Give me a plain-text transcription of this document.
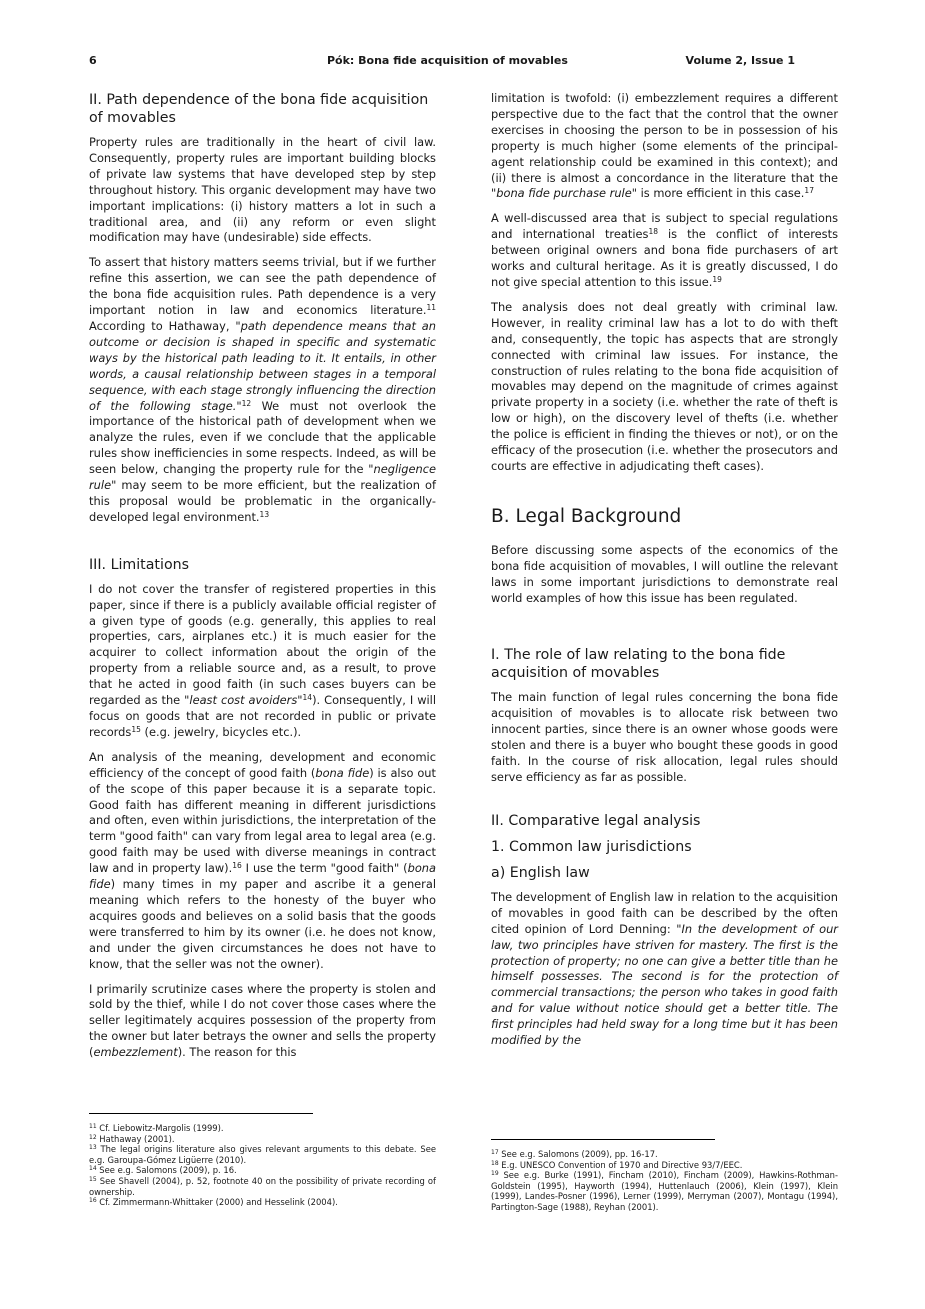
6	Pók: Bona fide acquisition of movables	Volume 2, Issue 1
II. Path dependence of the bona fide acquisition of movables

Property rules are traditionally in the heart of civil law. Consequently, property rules are important building blocks of private law systems that have developed step by step throughout history. This organic development may have two important implications: (i) history matters a lot in such a traditional area, and (ii) any reform or even slight modification may have (undesirable) side effects.

To assert that history matters seems trivial, but if we further refine this assertion, we can see the path dependence of the bona fide acquisition rules. Path dependence is a very important notion in law and economics literature.$^{11}$ According to Hathaway, "path dependence means that an outcome or decision is shaped in specific and systematic ways by the historical path leading to it. It entails, in other words, a causal relationship between stages in a temporal sequence, with each stage strongly influencing the direction of the following stage."$^{12}$ We must not overlook the importance of the historical path of development when we analyze the rules, even if we conclude that the applicable rules show inefficiencies in some respects. Indeed, as will be seen below, changing the property rule for the "negligence rule" may seem to be more efficient, but the realization of this proposal would be problematic in the organically-developed legal environment.$^{13}$

III. Limitations

I do not cover the transfer of registered properties in this paper, since if there is a publicly available official register of a given type of goods (e.g. generally, this applies to real properties, cars, airplanes etc.) it is much easier for the acquirer to collect information about the origin of the property from a reliable source and, as a result, to prove that he acted in good faith (in such cases buyers can be regarded as the "least cost avoiders"$^{14}$). Consequently, I will focus on goods that are not recorded in public or private records$^{15}$ (e.g. jewelry, bicycles etc.).

An analysis of the meaning, development and economic efficiency of the concept of good faith (bona fide) is also out of the scope of this paper because it is a separate topic. Good faith has different meaning in different jurisdictions and often, even within jurisdictions, the interpretation of the term "good faith" can vary from legal area to legal area (e.g. good faith may be used with diverse meanings in contract law and in property law).$^{16}$ I use the term "good faith" (bona fide) many times in my paper and ascribe it a general meaning which refers to the honesty of the buyer who acquires goods and believes on a solid basis that the goods were transferred to him by its owner (i.e. he does not know, and under the given circumstances he does not have to know, that the seller was not the owner).

I primarily scrutinize cases where the property is stolen and sold by the thief, while I do not cover those cases where the seller legitimately acquires possession of the property from the owner but later betrays the owner and sells the property (embezzlement). The reason for this

limitation is twofold: (i) embezzlement requires a different perspective due to the fact that the control that the owner exercises in choosing the person to be in possession of his property is much higher (some elements of the principal-agent relationship could be examined in this context); and (ii) there is almost a concordance in the literature that the "bona fide purchase rule" is more efficient in this case.$^{17}$

A well-discussed area that is subject to special regulations and international treaties$^{18}$ is the conflict of interests between original owners and bona fide purchasers of art works and cultural heritage. As it is greatly discussed, I do not give special attention to this issue.$^{19}$

The analysis does not deal greatly with criminal law. However, in reality criminal law has a lot to do with theft and, consequently, the topic has aspects that are strongly connected with criminal law issues. For instance, the construction of rules relating to the bona fide acquisition of movables may depend on the magnitude of crimes against private property in a society (i.e. whether the rate of theft is low or high), on the discovery level of thefts (i.e. whether the police is efficient in finding the thieves or not), or on the efficacy of the prosecution (i.e. whether the prosecutors and courts are effective in adjudicating theft cases).

B. Legal Background

Before discussing some aspects of the economics of the bona fide acquisition of movables, I will outline the relevant laws in some important jurisdictions to demonstrate real world examples of how this issue has been regulated.

I. The role of law relating to the bona fide acquisition of movables

The main function of legal rules concerning the bona fide acquisition of movables is to allocate risk between two innocent parties, since there is an owner whose goods were stolen and there is a buyer who bought these goods in good faith. In the course of risk allocation, legal rules should serve efficiency as far as possible.

II. Comparative legal analysis
1. Common law jurisdictions
a) English law

The development of English law in relation to the acquisition of movables in good faith can be described by the often cited opinion of Lord Denning: "In the development of our law, two principles have striven for mastery. The first is the protection of property; no one can give a better title than he himself possesses. The second is for the protection of commercial transactions; the person who takes in good faith and for value without notice should get a better title. The first principles had held sway for a long time but it has been modified by the

$^{11}$ Cf. Liebowitz-Margolis (1999).
$^{12}$ Hathaway (2001).
$^{13}$ The legal origins literature also gives relevant arguments to this debate. See e.g. Garoupa-Gómez Ligüerre (2010).
$^{14}$ See e.g. Salomons (2009), p. 16.
$^{15}$ See Shavell (2004), p. 52, footnote 40 on the possibility of private recording of ownership.
$^{16}$ Cf. Zimmermann-Whittaker (2000) and Hesselink (2004).
$^{17}$ See e.g. Salomons (2009), pp. 16-17.
$^{18}$ E.g. UNESCO Convention of 1970 and Directive 93/7/EEC.
$^{19}$ See e.g. Burke (1991), Fincham (2010), Fincham (2009), Hawkins-Rothman-Goldstein (1995), Hayworth (1994), Huttenlauch (2006), Klein (1997), Klein (1999), Landes-Posner (1996), Lerner (1999), Merryman (2007), Montagu (1994), Partington-Sage (1988), Reyhan (2001).
